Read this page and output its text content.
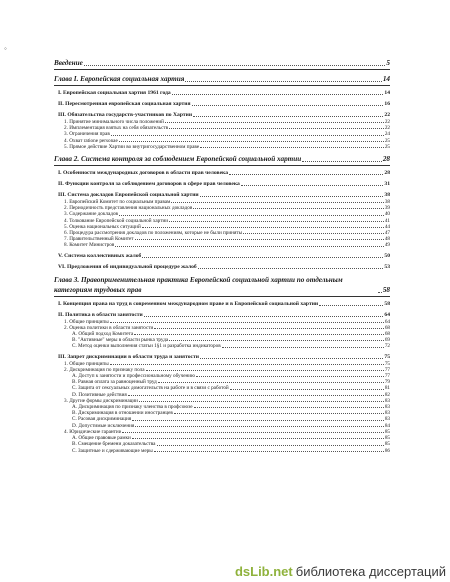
◦
Введение	5
Глава I. Европейская социальная хартия	14
I. Европейская социальная хартия 1961 года	14
II. Пересмотренная европейская социальная хартия	16
III. Обязательства государств-участников по Хартии	22
1. Принятие минимального числа положений	22
2. Имплементация взятых на себя обязательств	22
3. Ограничения прав	24
4. Охват ratione personae	25
5. Прямое действие Хартии во внутригосударственном праве	25
Глава 2. Система контроля за соблюдением Европейской социальной хартии	28
I. Особенности международных договоров в области прав человека	28
II. Функции контроля за соблюдением договоров в сфере прав человека	31
III. Система докладов Европейской социальной хартии	38
1. Европейский Комитет по социальным правам	38
2. Периодичность представления национальных докладов	39
3. Содержание докладов	40
4. Толкование Европейской социальной хартии	41
5. Оценка национальных ситуаций	44
6. Процедура рассмотрения докладов по положениям, которые не были приняты	47
7. Правительственный Комитет	48
8. Комитет Министров	49
V. Система коллективных жалоб	50
VI. Предложения об индивидуальной процедуре жалоб	53
Глава 3. Правоприменительная практика Европейской социальной хартии по отдельным категориям трудовых прав	58
I. Концепция права на труд в современном международном праве и в Европейской социальной хартии	58
II. Политика в области занятости	64
1. Общие принципы	64
2. Оценка политики в области занятости	68
А. Общий подход Комитета	68
В. "Активные" меры в области рынка труда	69
С. Метод оценки выполнения статьи 1§1 и разработка индикаторов	72
III. Запрет дискриминации в области труда и занятости	75
1. Общие принципы	75
2. Дискриминация по признаку пола	77
А. Доступ к занятости и профессиональному обучению	77
В. Равная оплата за равноценный труд	79
С. Защита от сексуальных домогательств на работе и в связи с работой	81
D. Позитивные действия	82
3. Другие формы дискриминации	83
А. Дискриминация по признаку членства в профсоюзе	83
В. Дискриминация в отношении иностранцев	83
С. Расовая дискриминация	83
D. Допустимые исключения	84
4. Юридические гарантии	85
А. Общие правовые рамки	85
В. Смещение бремени доказательства	85
С. Защитные и сдерживающие меры	86
dsLib.net библиотека диссертаций
